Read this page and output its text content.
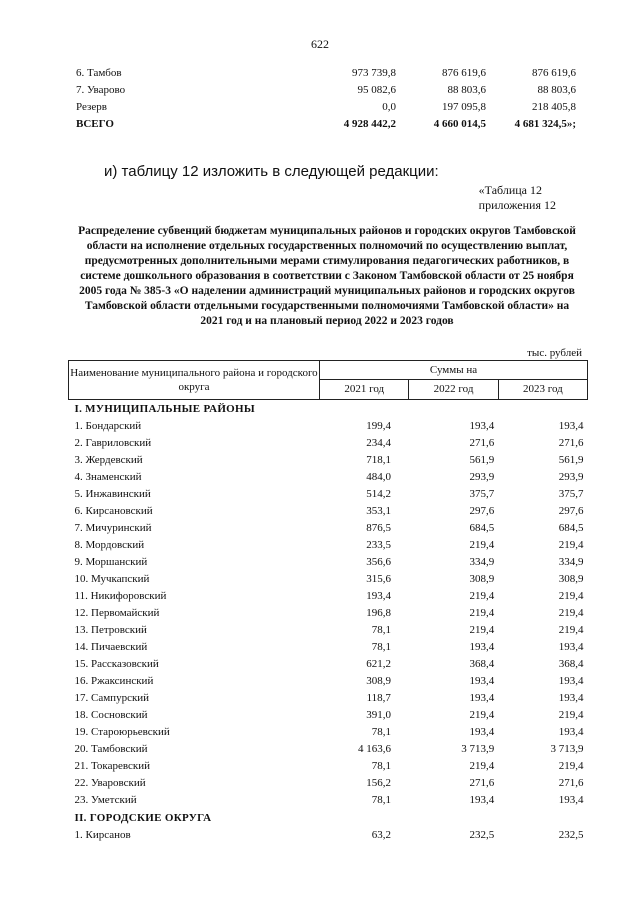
622
6. Тамбов	973 739,8	876 619,6	876 619,6
7. Уварово	95 082,6	88 803,6	88 803,6
Резерв	0,0	197 095,8	218 405,8
ВСЕГО	4 928 442,2	4 660 014,5	4 681 324,5»;
и) таблицу 12 изложить в следующей редакции:
«Таблица 12
приложения 12
Распределение субвенций бюджетам муниципальных районов и городских округов Тамбовской области на исполнение отдельных государственных полномочий по осуществлению выплат, предусмотренных дополнительными мерами стимулирования педагогических работников, в системе дошкольного образования в соответствии с Законом Тамбовской области от 25 ноября 2005 года № 385-3 «О наделении администраций муниципальных районов и городских округов Тамбовской области отдельными государственными полномочиями Тамбовской области» на 2021 год и на плановый период 2022 и 2023 годов
тыс. рублей
Наименование муниципального района и городского округа	Суммы на		
	2021 год	2022 год	2023 год
I. МУНИЦИПАЛЬНЫЕ РАЙОНЫ			
1. Бондарский	199,4	193,4	193,4
2. Гавриловский	234,4	271,6	271,6
3. Жердевский	718,1	561,9	561,9
4. Знаменский	484,0	293,9	293,9
5. Инжавинский	514,2	375,7	375,7
6. Кирсановский	353,1	297,6	297,6
7. Мичуринский	876,5	684,5	684,5
8. Мордовский	233,5	219,4	219,4
9. Моршанский	356,6	334,9	334,9
10. Мучкапский	315,6	308,9	308,9
11. Никифоровский	193,4	219,4	219,4
12. Первомайский	196,8	219,4	219,4
13. Петровский	78,1	219,4	219,4
14. Пичаевский	78,1	193,4	193,4
15. Рассказовский	621,2	368,4	368,4
16. Ржаксинский	308,9	193,4	193,4
17. Сампурский	118,7	193,4	193,4
18. Сосновский	391,0	219,4	219,4
19. Староюрьевский	78,1	193,4	193,4
20. Тамбовский	4 163,6	3 713,9	3 713,9
21. Токаревский	78,1	219,4	219,4
22. Уваровский	156,2	271,6	271,6
23. Уметский	78,1	193,4	193,4
II. ГОРОДСКИЕ ОКРУГА			
1. Кирсанов	63,2	232,5	232,5
